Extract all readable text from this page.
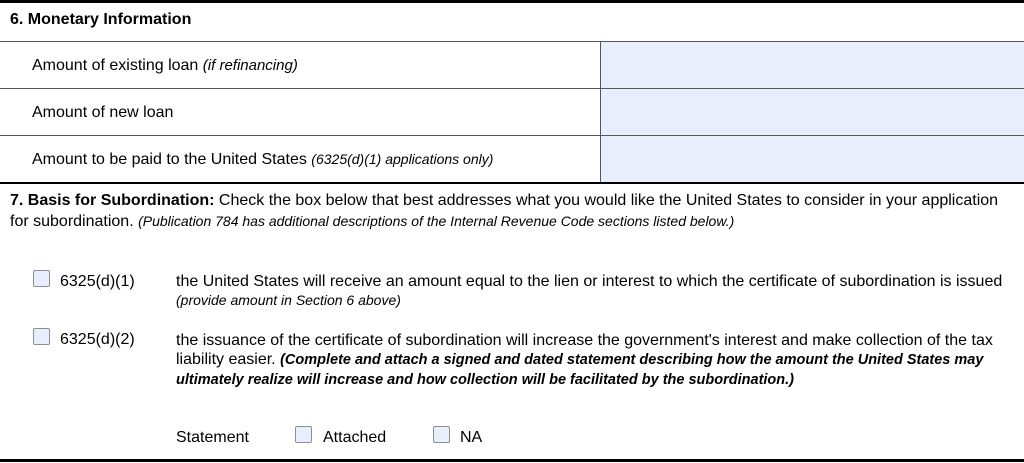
6. Monetary Information
Amount of existing loan (if refinancing)
Amount of new loan
Amount to be paid to the United States (6325(d)(1) applications only)
7. Basis for Subordination: Check the box below that best addresses what you would like the United States to consider in your application for subordination. (Publication 784 has additional descriptions of the Internal Revenue Code sections listed below.)
6325(d)(1)	the United States will receive an amount equal to the lien or interest to which the certificate of subordination is issued (provide amount in Section 6 above)
6325(d)(2)	the issuance of the certificate of subordination will increase the government's interest and make collection of the tax liability easier. (Complete and attach a signed and dated statement describing how the amount the United States may ultimately realize will increase and how collection will be facilitated by the subordination.)
Statement	Attached	NA
